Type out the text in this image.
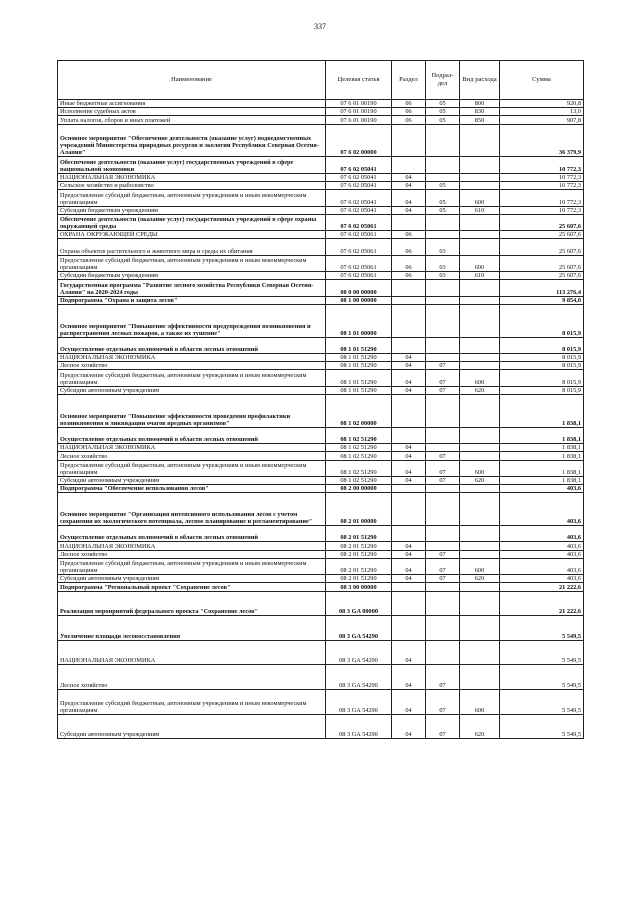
337
Наименование	Целевая статья	Раздел	Подраз- дел	Вид расхода	Сумма
Иные бюджетные ассигнования	07 6 01 00190	06	05	800	920,8
Исполнение судебных актов	07 6 01 00190	06	05	830	13,0
Уплата налогов, сборов и иных платежей	07 6 01 00190	06	05	850	907,8
Основное мероприятие "Обеспечение деятельности (оказание услуг) подведомственных учреждений Министерства природных ресурсов и экологии Республики Северная Осетия-Алания"	07 6 02 00000				36 379,9
Обеспечение деятельности (оказание услуг) государственных учреждений в сфере национальной экономики	07 6 02 05041				10 772,3
НАЦИОНАЛЬНАЯ ЭКОНОМИКА	07 6 02 05041	04			10 772,3
Сельское хозяйство и рыболовство	07 6 02 05041	04	05		10 772,3
Предоставление субсидий бюджетным, автономным учреждениям и иным некоммерческим организациям	07 6 02 05041	04	05	600	10 772,3
Субсидии бюджетным учреждениям	07 6 02 05041	04	05	610	10 772,3
Обеспечение деятельности (оказание услуг) государственных учреждений в сфере охраны окружающей среды	07 6 02 05061				25 607,6
ОХРАНА ОКРУЖАЮЩЕЙ СРЕДЫ	07 6 02 05061	06			25 607,6
Охрана объектов растительного и животного мира и среды их обитания	07 6 02 05061	06	03		25 607,6
Предоставление субсидий бюджетным, автономным учреждениям и иным некоммерческим организациям	07 6 02 05061	06	03	600	25 607,6
Субсидии бюджетным учреждениям	07 6 02 05061	06	03	610	25 607,6
Государственная программа "Развитие лесного хозяйства Республики Северная Осетия-Алания" на 2020-2024 годы	08 0 00 00000				113 276,4
Подпрограмма "Охрана и защита лесов"	08 1 00 00000				9 854,0
Основное мероприятие "Повышение эффективности предупреждения возникновения и распространения лесных пожаров, а также их тушение"	08 1 01 00000				8 015,9
Осуществление отдельных полномочий в области лесных отношений	08 1 01 51290				8 015,9
НАЦИОНАЛЬНАЯ ЭКОНОМИКА	08 1 01 51290	04			8 015,9
Лесное хозяйство	08 1 01 51290	04	07		8 015,9
Предоставление субсидий бюджетным, автономным учреждениям и иным некоммерческим организациям	08 1 01 51290	04	07	600	8 015,9
Субсидии автономным учреждениям	08 1 01 51290	04	07	620	8 015,9
Основное мероприятие "Повышение эффективности проведения профилактики возникновения и ликвидации очагов вредных организмов"	08 1 02 00000				1 838,1
Осуществление отдельных полномочий в области лесных отношений	08 1 02 51290				1 838,1
НАЦИОНАЛЬНАЯ ЭКОНОМИКА	08 1 02 51290	04			1 838,1
Лесное хозяйство	08 1 02 51290	04	07		1 838,1
Предоставление субсидий бюджетным, автономным учреждениям и иным некоммерческим организациям	08 1 02 51290	04	07	600	1 838,1
Субсидии автономным учреждениям	08 1 02 51290	04	07	620	1 838,1
Подпрограмма "Обеспечение использования лесов"	08 2 00 00000				403,6
Основное мероприятие "Организация интенсивного использования лесов с учетом сохранения их экологического потенциала, лесное планирование и регламентирование"	08 2 01 00000				403,6
Осуществление отдельных полномочий в области лесных отношений	08 2 01 51290				403,6
НАЦИОНАЛЬНАЯ ЭКОНОМИКА	08 2 01 51290	04			403,6
Лесное хозяйство	08 2 01 51290	04	07		403,6
Предоставление субсидий бюджетным, автономным учреждениям и иным некоммерческим организациям	08 2 01 51290	04	07	600	403,6
Субсидии автономным учреждениям	08 2 01 51290	04	07	620	403,6
Подпрограмма "Региональный проект "Сохранение лесов"	08 3 00 00000				21 222,6
Реализация мероприятий федерального проекта "Сохранение лесов"	08 3 GA 00000				21 222,6
Увеличение площади лесовосстановления	08 3 GA 54290				5 549,5
НАЦИОНАЛЬНАЯ ЭКОНОМИКА	08 3 GA 54290	04			5 549,5
Лесное хозяйство	08 3 GA 54290	04	07		5 549,5
Предоставление субсидий бюджетным, автономным учреждениям и иным некоммерческим организациям	08 3 GA 54290	04	07	600	5 549,5
Субсидии автономным учреждениям	08 3 GA 54290	04	07	620	5 549,5
